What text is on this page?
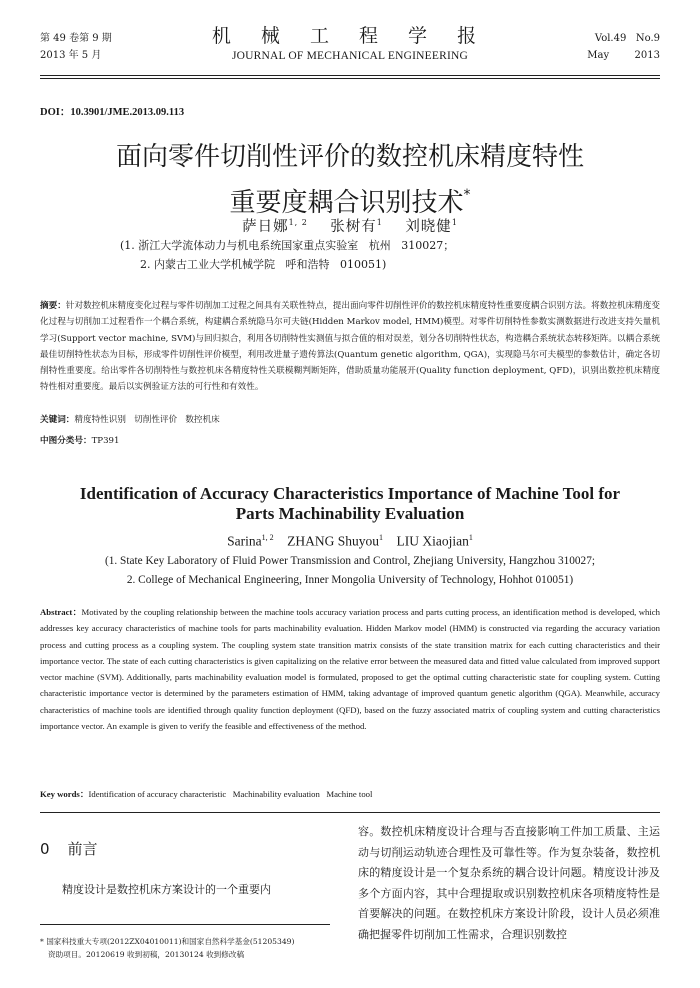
第 49 卷第 9 期
2013 年 5 月
机 械 工 程 学 报
JOURNAL OF MECHANICAL ENGINEERING
Vol.49   No.9
May        2013
DOI：10.3901/JME.2013.09.113
面向零件切削性评价的数控机床精度特性
重要度耦合识别技术*
萨日娜$^{1, 2}$ 张树有$^1$ 刘晓健$^1$
(1. 浙江大学流体动力与机电系统国家重点实验室   杭州   310027；
2. 内蒙古工业大学机械学院   呼和浩特   010051)
摘要：针对数控机床精度变化过程与零件切削加工过程之间具有关联性特点，提出面向零件切削性评价的数控机床精度特性重要度耦合识别方法。将数控机床精度变化过程与切削加工过程看作一个耦合系统，构建耦合系统隐马尔可夫链(Hidden Markov model, HMM)模型。对零件切削特性参数实测数据进行改进支持矢量机学习(Support vector machine, SVM)与回归拟合，利用各切削特性实测值与拟合值的相对误差，划分各切削特性状态，构造耦合系统状态转移矩阵。以耦合系统最佳切削特性状态为目标，形成零件切削性评价模型，利用改进量子遗传算法(Quantum genetic algorithm, QGA)，实现隐马尔可夫模型的参数估计，确定各切削特性重要度。给出零件各切削特性与数控机床各精度特性关联模糊判断矩阵，借助质量功能展开(Quality function deployment, QFD)，识别出数控机床精度特性相对重要度。最后以实例验证方法的可行性和有效性。
关键词：精度特性识别   切削性评价   数控机床
中图分类号：TP391
Identification of Accuracy Characteristics Importance of Machine Tool for
Parts Machinability Evaluation
Sarina$^{1, 2}$ ZHANG Shuyou$^1$ LIU Xiaojian$^1$
(1. State Key Laboratory of Fluid Power Transmission and Control, Zhejiang University, Hangzhou 310027;
2. College of Mechanical Engineering, Inner Mongolia University of Technology, Hohhot 010051)
Abstract：Motivated by the coupling relationship between the machine tools accuracy variation process and parts cutting process, an identification method is developed, which addresses key accuracy characteristics of machine tools for parts machinability evaluation. Hidden Markov model (HMM) is constructed via regarding the accuracy variation process and cutting process as a coupling system. The coupling system state transition matrix consists of the state transition matrix for each cutting characteristics and their importance vector. The state of each cutting characteristics is given capitalizing on the relative error between the measured data and fitted value calculated from improved support vector machine (SVM). Additionally, parts machinability evaluation model is formulated, proposed to get the optimal cutting characteristic state for coupling system. Cutting characteristic importance vector is determined by the parameters estimation of HMM, taking advantage of improved quantum genetic algorithm (QGA). Meanwhile, accuracy characteristics of machine tools are identified through quality function deployment (QFD), based on the fuzzy associated matrix of coupling system and cutting characteristics importance vector. An example is given to verify the feasible and effectiveness of the method.
Key words：Identification of accuracy characteristic   Machinability evaluation   Machine tool
0 前言
精度设计是数控机床方案设计的一个重要内
容。数控机床精度设计合理与否直接影响工件加工质量、主运动与切削运动轨迹合理性及可靠性等。作为复杂装备，数控机床的精度设计是一个复杂系统的耦合设计问题。精度设计涉及多个方面内容，其中合理提取或识别数控机床各项精度特性是首要解决的问题。在数控机床方案设计阶段，设计人员必须准确把握零件切削加工性需求，合理识别数控
* 国家科技重大专项(2012ZX04010011)和国家自然科学基金(51205349)
资助项目。20120619 收到初稿，20130124 收到修改稿
